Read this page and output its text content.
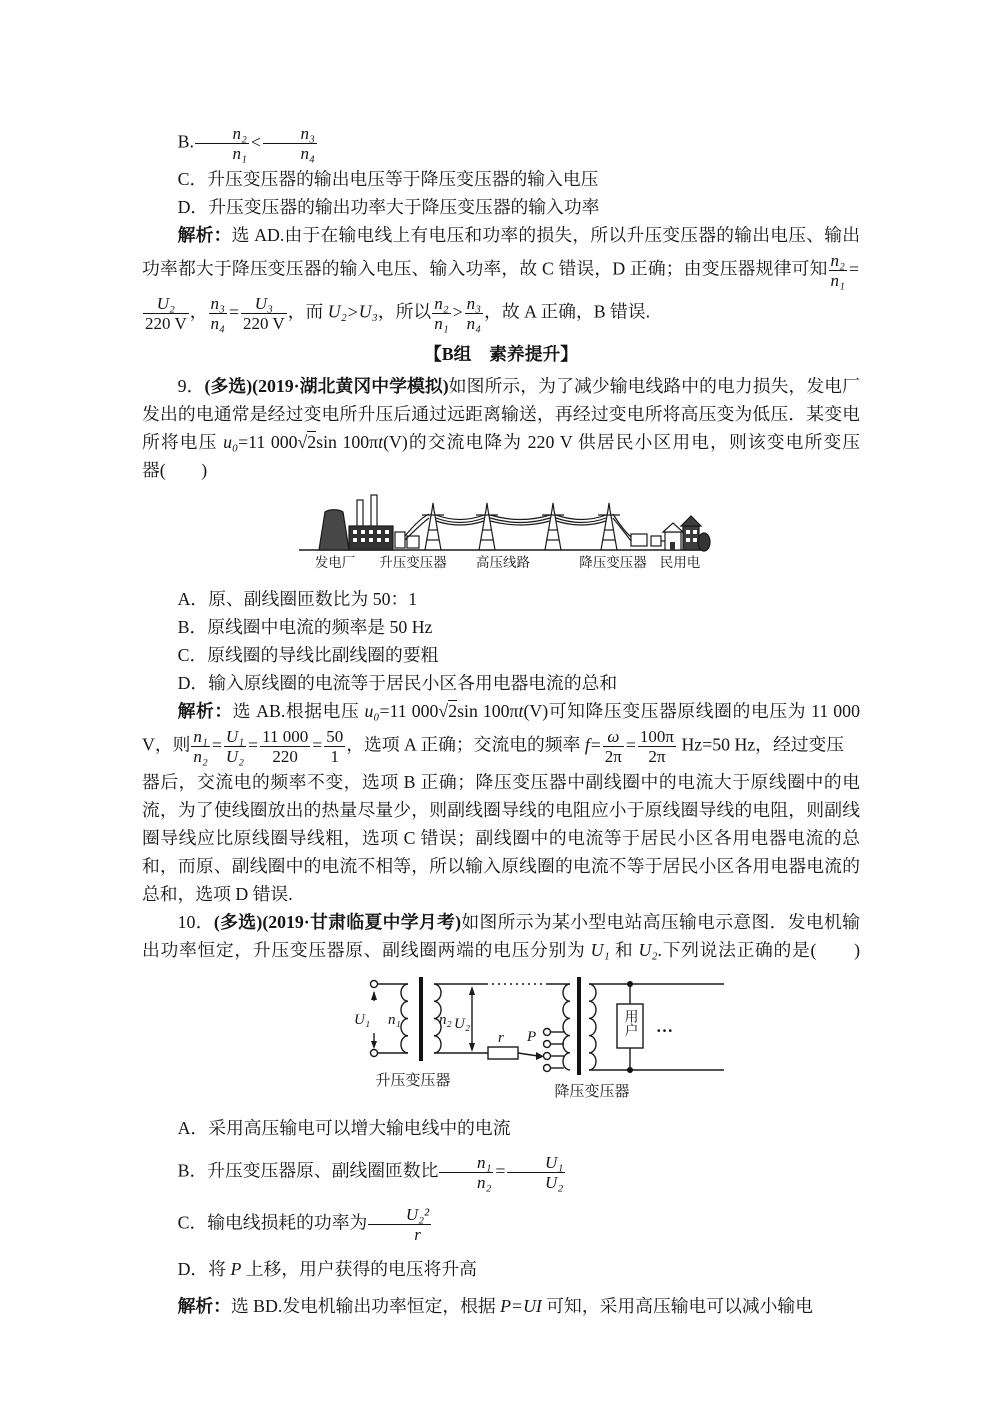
B. $\frac{\text{n₂}}{\text{n₁}} < \frac{\text{n₃}}{\text{n₄}}$
C．升压变压器的输出电压等于降压变压器的输入电压
D．升压变压器的输出功率大于降压变压器的输入功率
解析：选 AD.由于在输电线上有电压和功率的损失，所以升压变压器的输出电压、输出
功率都大于降压变压器的输入电压、输入功率，故 C 错误，D 正确；由变压器规律可知 $\frac{\text{n₂}}{\text{n₁}}$ =
$\frac{\text{U₂}}{220 V}$ ， $\frac{\text{n₃}}{\text{n₄}} = \frac{\text{U₃}}{220 V}$ ，而 U₂>U₃，所以 $\frac{\text{n₂}}{\text{n₁}} > \frac{\text{n₃}}{\text{n₄}}$ ，故 A 正确，B 错误.
【B组　素养提升】
9．(多选)(2019·湖北黄冈中学模拟)如图所示，为了减少输电线路中的电力损失，发电厂
发出的电通常是经过变电所升压后通过远距离输送，再经过变电所将高压变为低压．某变电
所将电压 u₀=11 000√2sin 100πt(V)的交流电降为 220 V 供居民小区用电，则该变电所变压
器(　　)
发电厂 升压变压器 高压线路	降压变压器 民用电
A．原、副线圈匝数比为 50：1
B．原线圈中电流的频率是 50 Hz
C．原线圈的导线比副线圈的要粗
D．输入原线圈的电流等于居民小区各用电器电流的总和
解析：选 AB.根据电压 u₀=11 000√2sin 100πt(V)可知降压变压器原线圈的电压为 11 000
V，则 $\frac{\text{n₁}}{\text{n₂}} = \frac{\text{U₁}}{\text{U₂}} = \frac{11 000}{220} = \frac{50}{1}$ ，选项 A 正确；交流电的频率 $f= \frac{\omega}{2\pi} = \frac{100\pi}{2\pi} Hz=50$ Hz，经过变压
器后，交流电的频率不变，选项 B 正确；降压变压器中副线圈中的电流大于原线圈中的电
流，为了使线圈放出的热量尽量少，则副线圈导线的电阻应小于原线圈导线的电阻，则副线
圈导线应比原线圈导线粗，选项 C 错误；副线圈中的电流等于居民小区各用电器电流的总
和，而原、副线圈中的电流不相等，所以输入原线圈的电流不等于居民小区各用电器电流的
总和，选项 D 错误.
10．(多选)(2019·甘肃临夏中学月考)如图所示为某小型电站高压输电示意图．发电机输
出功率恒定，升压变压器原、副线圈两端的电压分别为 U₁ 和 U₂.下列说法正确的是(　　)
U₁ n₁	n₂ U₂
r P	用户 …
升压变压器
降压变压器
A．采用高压输电可以增大输电线中的电流
B．升压变压器原、副线圈匝数比 $\frac{\text{n₁}}{\text{n₂}} = \frac{\text{U₁}}{\text{U₂}}$
C．输电线损耗的功率为 $\frac{\text{U₂²}}{r}$
D．将 P 上移，用户获得的电压将升高
解析：选 BD.发电机输出功率恒定，根据 P=UI 可知，采用高压输电可以减小输电
